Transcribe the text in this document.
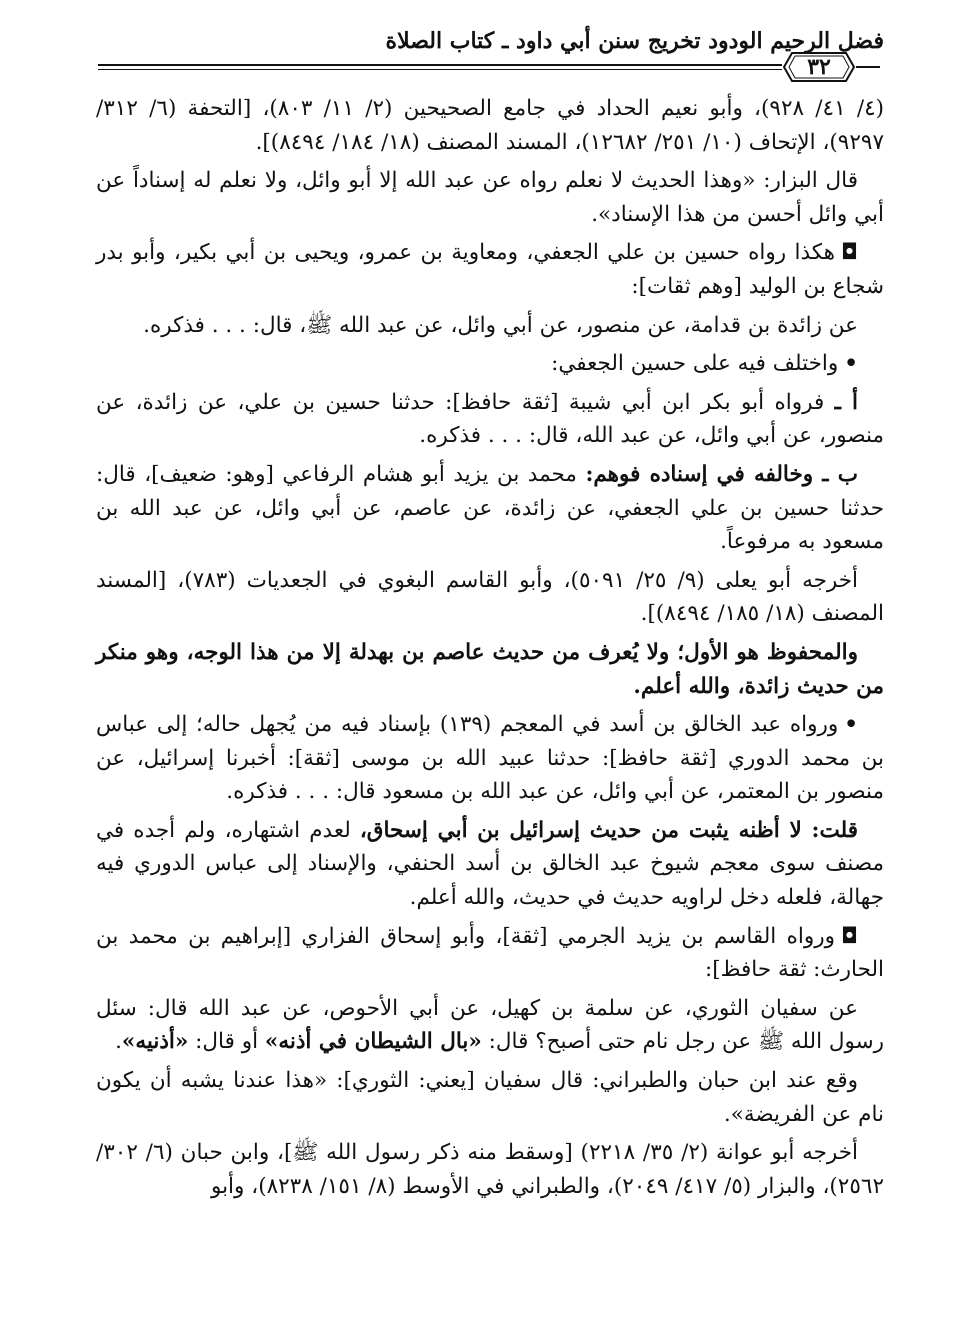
فضل الرحيم الودود تخريج سنن أبي داود ـ كتاب الصلاة
٣٢

(٤/ ٤١/ ٩٢٨)، وأبو نعيم الحداد في جامع الصحيحين (٢/ ١١/ ٨٠٣)، [التحفة (٦/ ٣١٢/ ٩٢٩٧)، الإتحاف (١٠/ ٢٥١/ ١٢٦٨٢)، المسند المصنف (١٨/ ١٨٤/ ٨٤٩٤)].

قال البزار: «وهذا الحديث لا نعلم رواه عن عبد الله إلا أبو وائل، ولا نعلم له إسناداً عن أبي وائل أحسن من هذا الإسناد».

◘هكذا رواه حسين بن علي الجعفي، ومعاوية بن عمرو، ويحيى بن أبي بكير، وأبو بدر شجاع بن الوليد [وهم ثقات]:

عن زائدة بن قدامة، عن منصور، عن أبي وائل، عن عبد الله ﷺ، قال: . . . فذكره.

•واختلف فيه على حسين الجعفي:

أ ـ فرواه أبو بكر ابن أبي شيبة [ثقة حافظ]: حدثنا حسين بن علي، عن زائدة، عن منصور، عن أبي وائل، عن عبد الله، قال: . . . فذكره.

ب ـ وخالفه في إسناده فوهم: محمد بن يزيد أبو هشام الرفاعي [وهو: ضعيف]، قال: حدثنا حسين بن علي الجعفي، عن زائدة، عن عاصم، عن أبي وائل، عن عبد الله بن مسعود به مرفوعاً.

أخرجه أبو يعلى (٩/ ٢٥/ ٥٠٩١)، وأبو القاسم البغوي في الجعديات (٧٨٣)، [المسند المصنف (١٨/ ١٨٥/ ٨٤٩٤)].

والمحفوظ هو الأول؛ ولا يُعرف من حديث عاصم بن بهدلة إلا من هذا الوجه، وهو منكر من حديث زائدة، والله أعلم.

•ورواه عبد الخالق بن أسد في المعجم (١٣٩) بإسناد فيه من يُجهل حاله؛ إلى عباس بن محمد الدوري [ثقة حافظ]: حدثنا عبيد الله بن موسى [ثقة]: أخبرنا إسرائيل، عن منصور بن المعتمر، عن أبي وائل، عن عبد الله بن مسعود قال: . . . فذكره.

قلت: لا أظنه يثبت من حديث إسرائيل بن أبي إسحاق، لعدم اشتهاره، ولم أجده في مصنف سوى معجم شيوخ عبد الخالق بن أسد الحنفي، والإسناد إلى عباس الدوري فيه جهالة، فلعله دخل لراويه حديث في حديث، والله أعلم.

◘ورواه القاسم بن يزيد الجرمي [ثقة]، وأبو إسحاق الفزاري [إبراهيم بن محمد بن الحارث: ثقة حافظ]:

عن سفيان الثوري، عن سلمة بن كهيل، عن أبي الأحوص، عن عبد الله قال: سئل رسول الله ﷺ عن رجل نام حتى أصبح؟ قال: «بال الشيطان في أذنه» أو قال: «أذنيه».

وقع عند ابن حبان والطبراني: قال سفيان [يعني: الثوري]: «هذا عندنا يشبه أن يكون نام عن الفريضة».

أخرجه أبو عوانة (٢/ ٣٥/ ٢٢١٨) [وسقط منه ذكر رسول الله ﷺ]، وابن حبان (٦/ ٣٠٢/ ٢٥٦٢)، والبزار (٥/ ٤١٧/ ٢٠٤٩)، والطبراني في الأوسط (٨/ ١٥١/ ٨٢٣٨)، وأبو
